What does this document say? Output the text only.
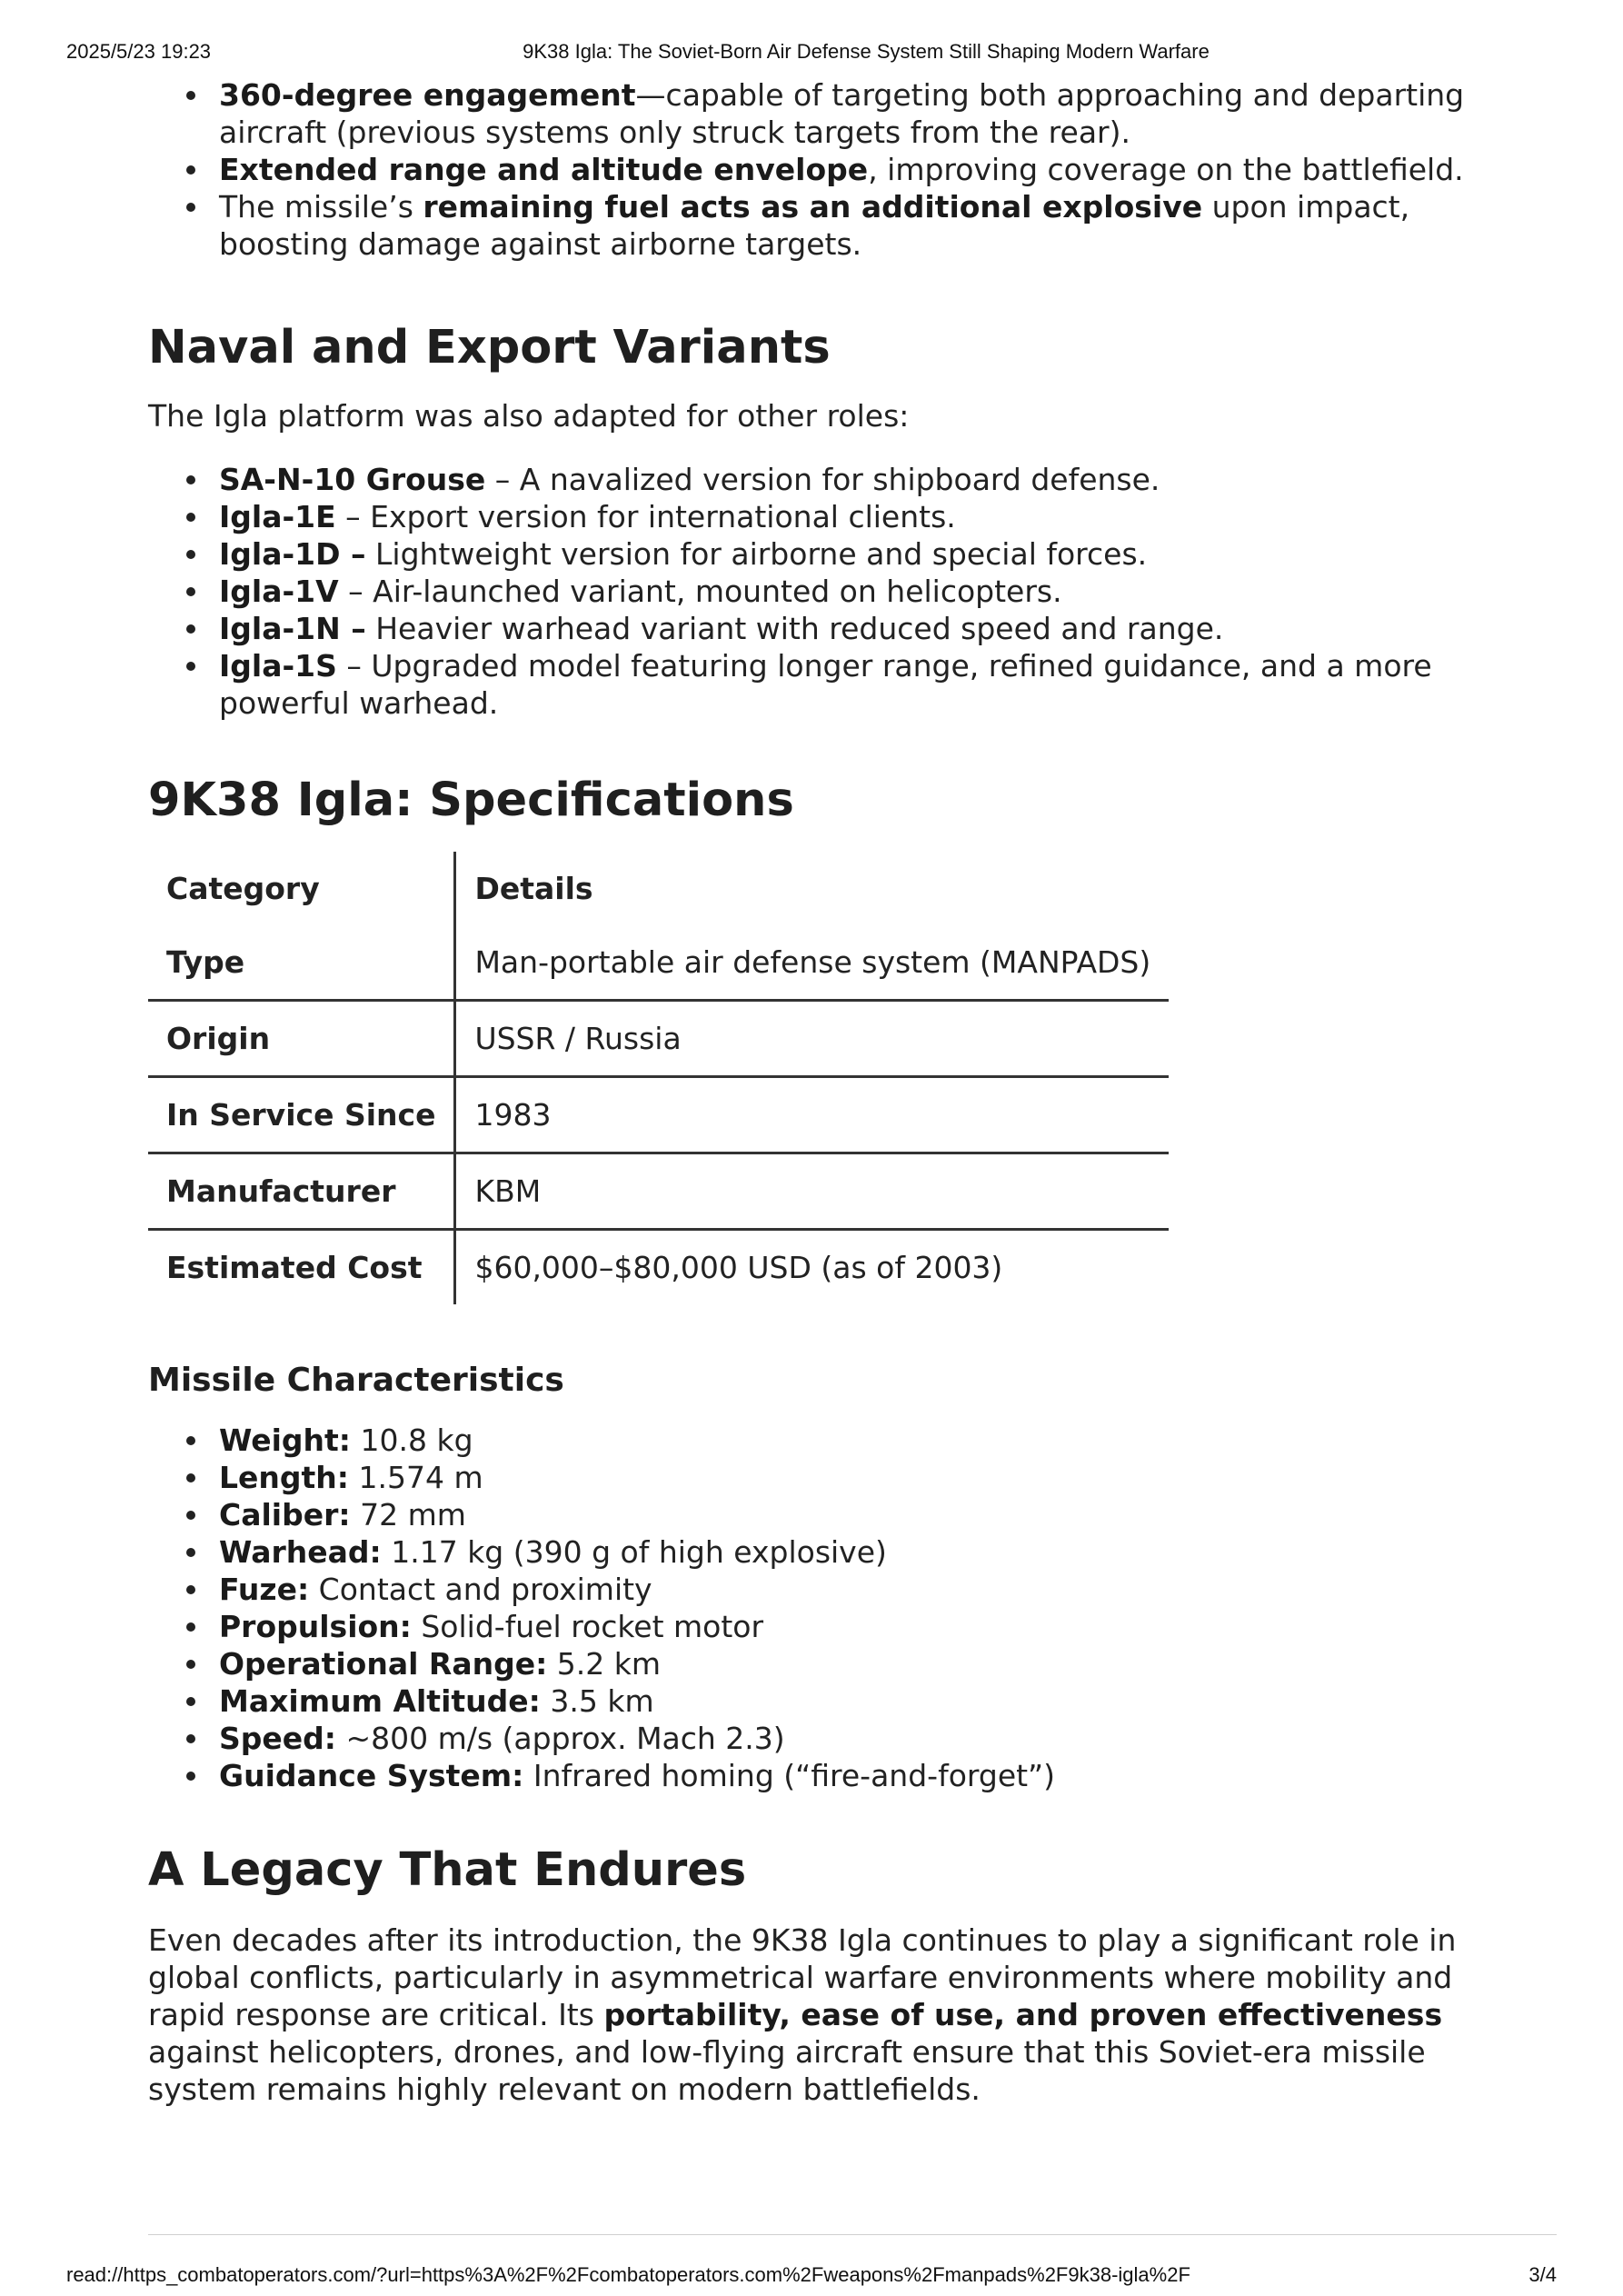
2025/5/23 19:23	9K38 Igla: The Soviet-Born Air Defense System Still Shaping Modern Warfare
360-degree engagement—capable of targeting both approaching and departing aircraft (previous systems only struck targets from the rear).
Extended range and altitude envelope, improving coverage on the battlefield.
The missile’s remaining fuel acts as an additional explosive upon impact, boosting damage against airborne targets.
Naval and Export Variants

The Igla platform was also adapted for other roles:

SA-N-10 Grouse – A navalized version for shipboard defense.
Igla-1E – Export version for international clients.
Igla-1D – Lightweight version for airborne and special forces.
Igla-1V – Air-launched variant, mounted on helicopters.
Igla-1N – Heavier warhead variant with reduced speed and range.
Igla-1S – Upgraded model featuring longer range, refined guidance, and a more powerful warhead.
9K38 Igla: Specifications
Category	Details
Type	Man-portable air defense system (MANPADS)
Origin	USSR / Russia
In Service Since	1983
Manufacturer	KBM
Estimated Cost	$60,000–$80,000 USD (as of 2003)
Missile Characteristics
Weight: 10.8 kg
Length: 1.574 m
Caliber: 72 mm
Warhead: 1.17 kg (390 g of high explosive)
Fuze: Contact and proximity
Propulsion: Solid-fuel rocket motor
Operational Range: 5.2 km
Maximum Altitude: 3.5 km
Speed: ~800 m/s (approx. Mach 2.3)
Guidance System: Infrared homing (“fire-and-forget”)
A Legacy That Endures

Even decades after its introduction, the 9K38 Igla continues to play a significant role in global conflicts, particularly in asymmetrical warfare environments where mobility and rapid response are critical. Its portability, ease of use, and proven effectiveness against helicopters, drones, and low-flying aircraft ensure that this Soviet-era missile system remains highly relevant on modern battlefields.

read://https_combatoperators.com/?url=https%3A%2F%2Fcombatoperators.com%2Fweapons%2Fmanpads%2F9k38-igla%2F	3/4
